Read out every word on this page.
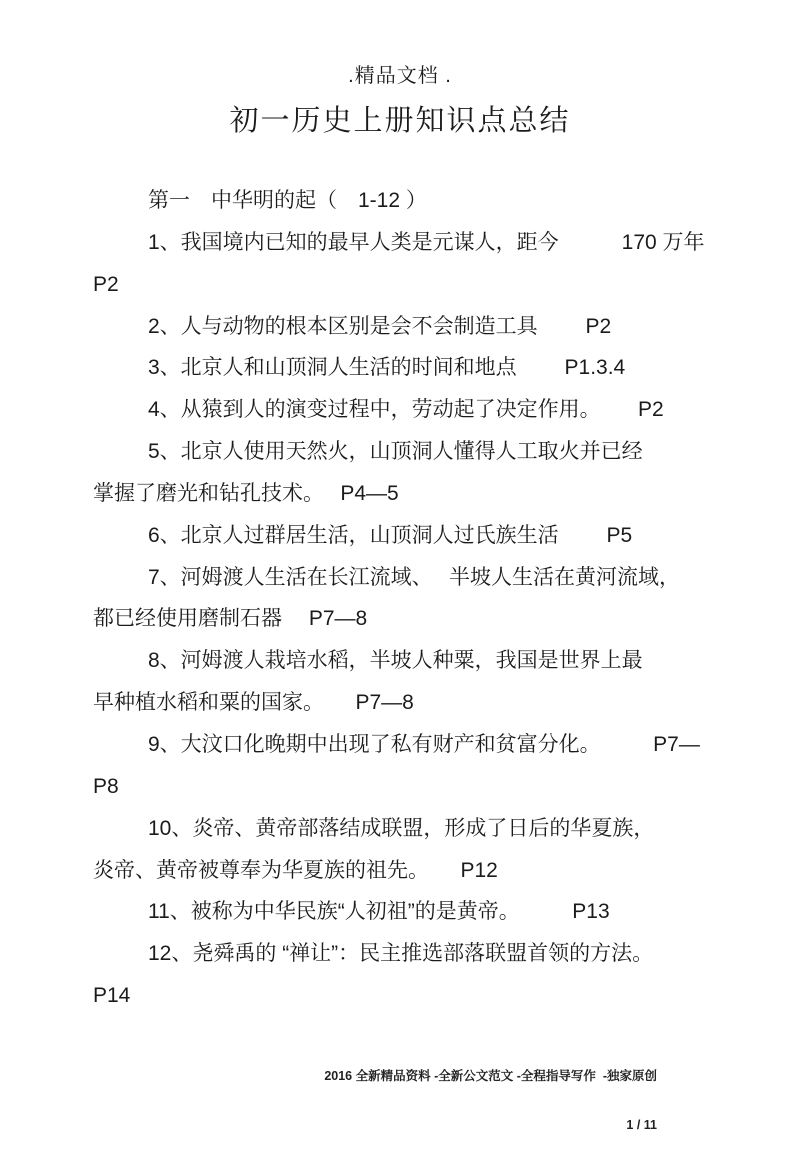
.精品文档 .
初一历史上册知识点总结
第一　中华明的起（　1-12 ）
1、我国境内已知的最早人类是元谋人，距今　　　170 万年
P2
2、人与动物的根本区别是会不会制造工具　　 P2
3、北京人和山顶洞人生活的时间和地点　　 P1.3.4
4、从猿到人的演变过程中，劳动起了决定作用。　　 P2
5、北京人使用天然火，山顶洞人懂得人工取火并已经
掌握了磨光和钻孔技术。　 P4—5
6、北京人过群居生活，山顶洞人过氏族生活　　 P5
7、河姆渡人生活在长江流域、　 半坡人生活在黄河流域，
都已经使用磨制石器　 P7—8
8、河姆渡人栽培水稻，半坡人种粟，我国是世界上最
早种植水稻和粟的国家。　　P7—8
9、大汶口化晚期中出现了私有财产和贫富分化。　　　P7—
P8
10、炎帝、黄帝部落结成联盟，形成了日后的华夏族，
炎帝、黄帝被尊奉为华夏族的祖先。　　P12
11、被称为中华民族“人初祖”的是黄帝。　　　P13
12、尧舜禹的 “禅让”：民主推选部落联盟首领的方法。
P14

2016 全新精品资料 -全新公文范文 -全程指导写作  -独家原创

1 / 11
